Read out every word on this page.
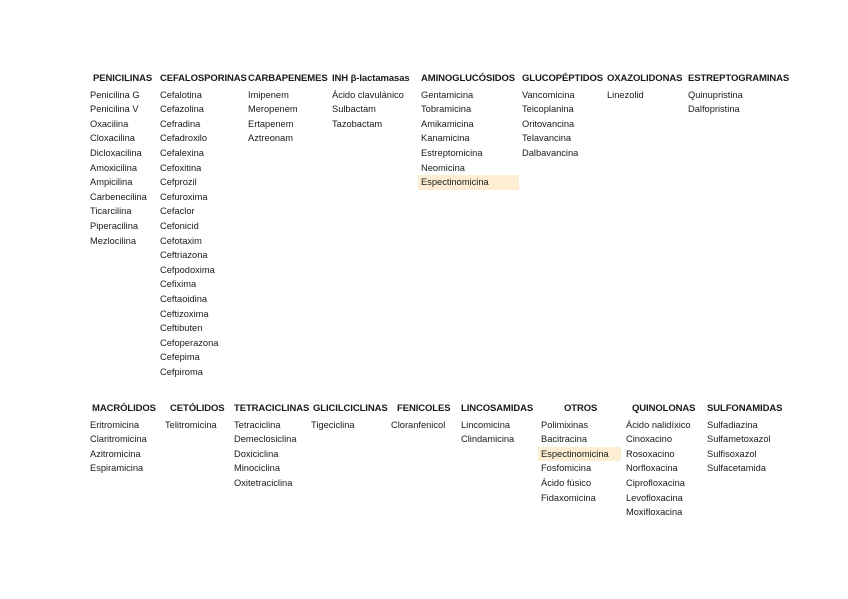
PENICILINAS
Penicilina G
Penicilina V
Oxacilina
Cloxacilina
Dicloxacilina
Amoxicilina
Ampicilina
Carbenecilina
Ticarcilina
Piperacilina
Mezlocilina
CEFALOSPORINAS
Cefalotina
Cefazolina
Cefradina
Cefadroxilo
Cefalexina
Cefoxitina
Cefprozil
Cefuroxima
Cefaclor
Cefonicid
Cefotaxim
Ceftriazona
Cefpodoxima
Cefixima
Ceftaoidina
Ceftizoxima
Ceftibuten
Cefoperazona
Cefepima
Cefpiroma
CARBAPENEMES
Imipenem
Meropenem
Ertapenem
Aztreonam
INH β-lactamasas
Ácido clavulánico
Sulbactam
Tazobactam
AMINOGLUCÓSIDOS
Gentamicina
Tobramicina
Amikamicina
Kanamicina
Estreptomicina
Neomicina
Espectinomicina
GLUCOPÉPTIDOS
Vancomicina
Teicoplanina
Oritovancina
Telavancina
Dalbavancina
OXAZOLIDONAS
Linezolid
ESTREPTOGRAMINAS
Quinupristina
Dalfopristina
MACRÓLIDOS
Eritromicina
Claritromicina
Azitromicina
Espiramicina
CETÓLIDOS
Telitromicina
TETRACICLINAS
Tetraciclina
Demeclosiclina
Doxiciclina
Minociclina
Oxitetraciclina
GLICILCICLINAS
Tigeciclina
FENICOLES
Cloranfenicol
LINCOSAMIDAS
Lincomicina
Clindamicina
OTROS
Polimixinas
Bacitracina
Espectinomicina
Fosfomicina
Ácido fúsico
Fidaxomicina
QUINOLONAS
Ácido nalidíxico
Cinoxacino
Rosoxacino
Norfloxacina
Ciprofloxacina
Levofloxacina
Moxifloxacina
SULFONAMIDAS
Sulfadiazina
Sulfametoxazol
Sulfisoxazol
Sulfacetamida
